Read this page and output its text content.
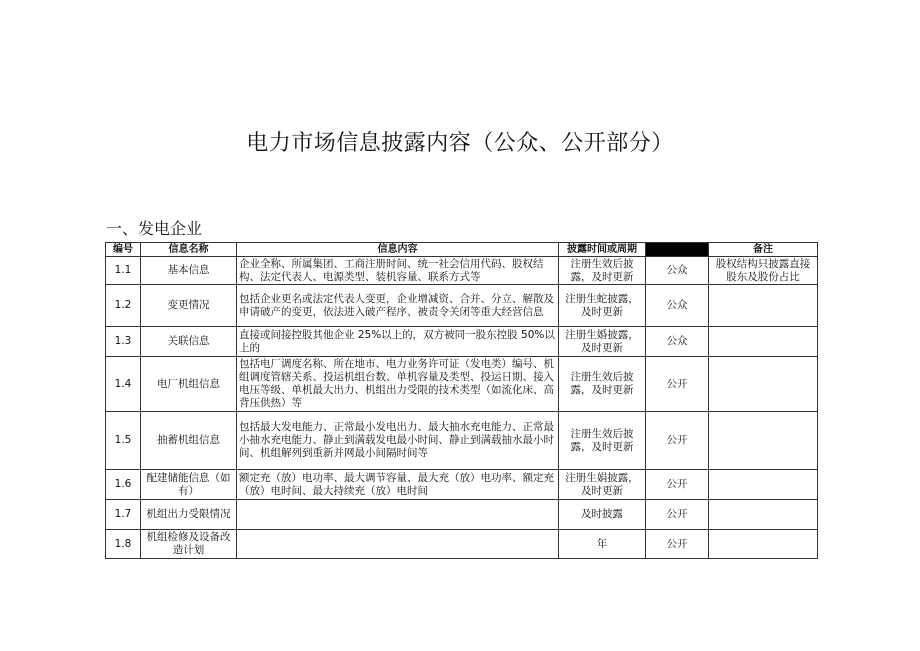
电力市场信息披露内容（公众、公开部分）
一、发电企业
编号	信息名称	信息内容	披露时间或周期		备注
1.1	基本信息	企业全称、所属集团、工商注册时间、统一社会信用代码、股权结构、法定代表人、电源类型、装机容量、联系方式等	注册生效后披露，及时更新	公众	股权结构只披露直接股东及股份占比
1.2	变更情况	包括企业更名或法定代表人变更，企业增减资、合并、分立、解散及申请破产的变更，依法进入破产程序、被责令关闭等重大经营信息	注册生蛇披露，及时更新	公众	
1.3	关联信息	直接或间接控股其他企业 25%以上的，双方被同一股东控股 50%以上的	注册生婚披露，及时更新	公众	
1.4	电厂机组信息	包括电厂调度名称、所在地市、电力业务许可证（发电类）编号、机组调度管辖关系、投运机组台数、单机容量及类型、投运日期、接入电压等级、单机最大出力、机组出力受限的技术类型（如流化床、高背压供热）等	注册生效后披露，及时更新	公开	
1.5	抽蓄机组信息	包括最大发电能力、正常最小发电出力、最大抽水充电能力、正常最小抽水充电能力、静止到满载发电最小时间、静止到满载抽水最小时间、机组解列到重新并网最小间隔时间等	注册生效后披露，及时更新	公开	
1.6	配建储能信息（如有）	额定充（放）电功率、最大调节容量、最大充（放）电功率、额定充（放）电时间、最大持续充（放）电时间	注册生娟披露，及时更新	公开	
1.7	机组出力受限情况		及时披露	公开	
1.8	机组检修及设备改造计划		年	公开	
